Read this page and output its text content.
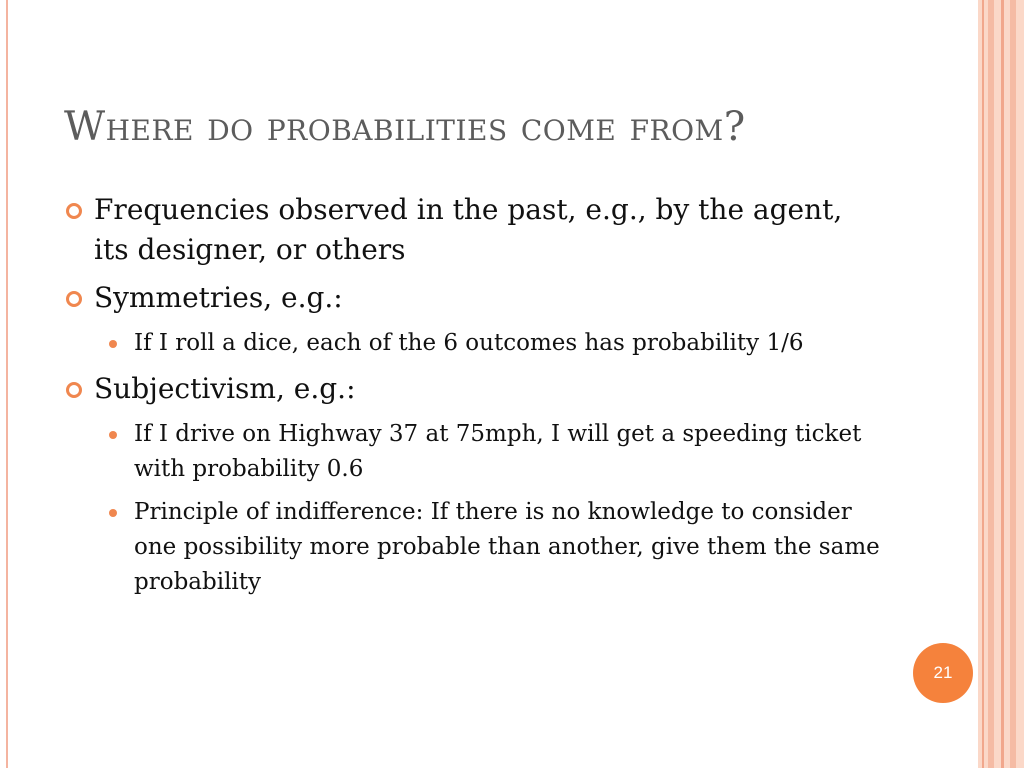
Where do probabilities come from?
Frequencies observed in the past, e.g., by the agent, its designer, or others
Symmetries, e.g.:
If I roll a dice, each of the 6 outcomes has probability 1/6
Subjectivism, e.g.:
If I drive on Highway 37 at 75mph, I will get a speeding ticket with probability 0.6
Principle of indifference: If there is no knowledge to consider one possibility more probable than another, give them the same probability
21
